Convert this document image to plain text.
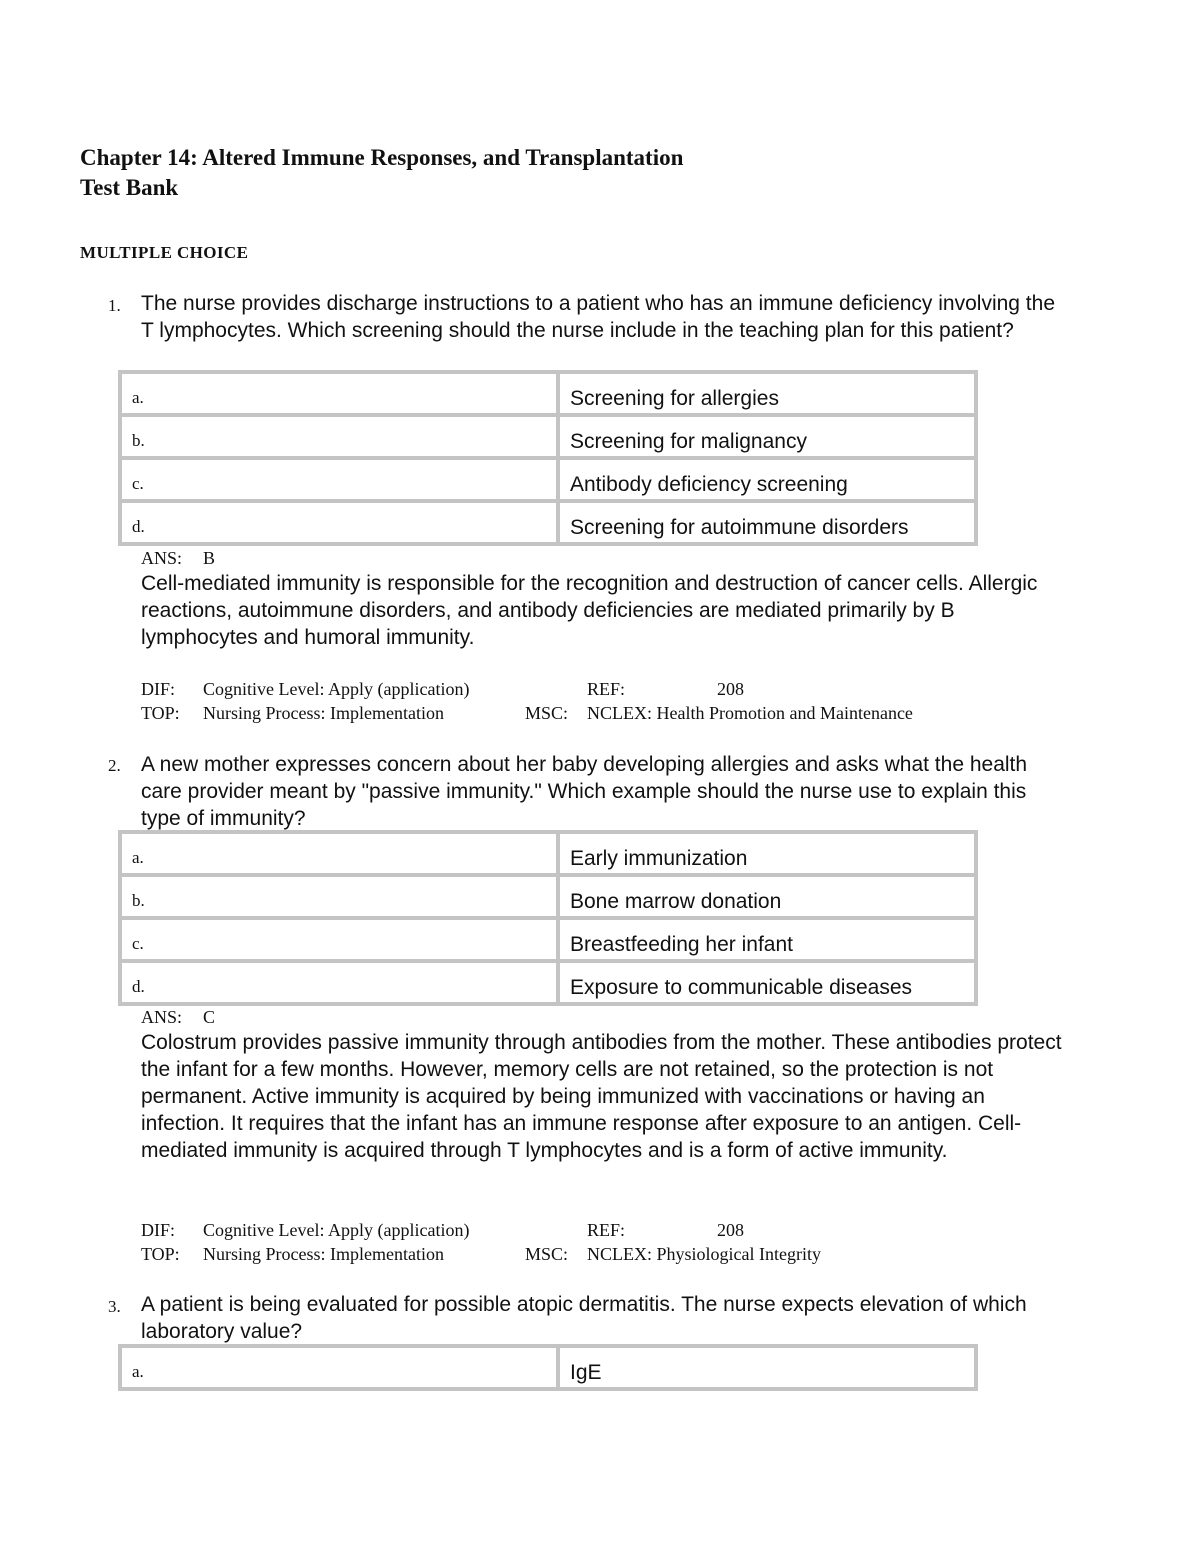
Chapter 14: Altered Immune Responses, and Transplantation
Test Bank
MULTIPLE CHOICE
1. The nurse provides discharge instructions to a patient who has an immune deficiency involving the T lymphocytes. Which screening should the nurse include in the teaching plan for this patient?
a.	Screening for allergies
b.	Screening for malignancy
c.	Antibody deficiency screening
d.	Screening for autoimmune disorders
ANS: B
Cell-mediated immunity is responsible for the recognition and destruction of cancer cells. Allergic reactions, autoimmune disorders, and antibody deficiencies are mediated primarily by B lymphocytes and humoral immunity.
DIF: Cognitive Level: Apply (application)	REF:	208
TOP: Nursing Process: Implementation	MSC: NCLEX: Health Promotion and Maintenance
2. A new mother expresses concern about her baby developing allergies and asks what the health care provider meant by "passive immunity." Which example should the nurse use to explain this type of immunity?
a.	Early immunization
b.	Bone marrow donation
c.	Breastfeeding her infant
d.	Exposure to communicable diseases
ANS: C
Colostrum provides passive immunity through antibodies from the mother. These antibodies protect the infant for a few months. However, memory cells are not retained, so the protection is not permanent. Active immunity is acquired by being immunized with vaccinations or having an infection. It requires that the infant has an immune response after exposure to an antigen. Cell-mediated immunity is acquired through T lymphocytes and is a form of active immunity.
DIF: Cognitive Level: Apply (application)	REF:	208
TOP: Nursing Process: Implementation	MSC: NCLEX: Physiological Integrity
3. A patient is being evaluated for possible atopic dermatitis. The nurse expects elevation of which laboratory value?
a.	IgE
